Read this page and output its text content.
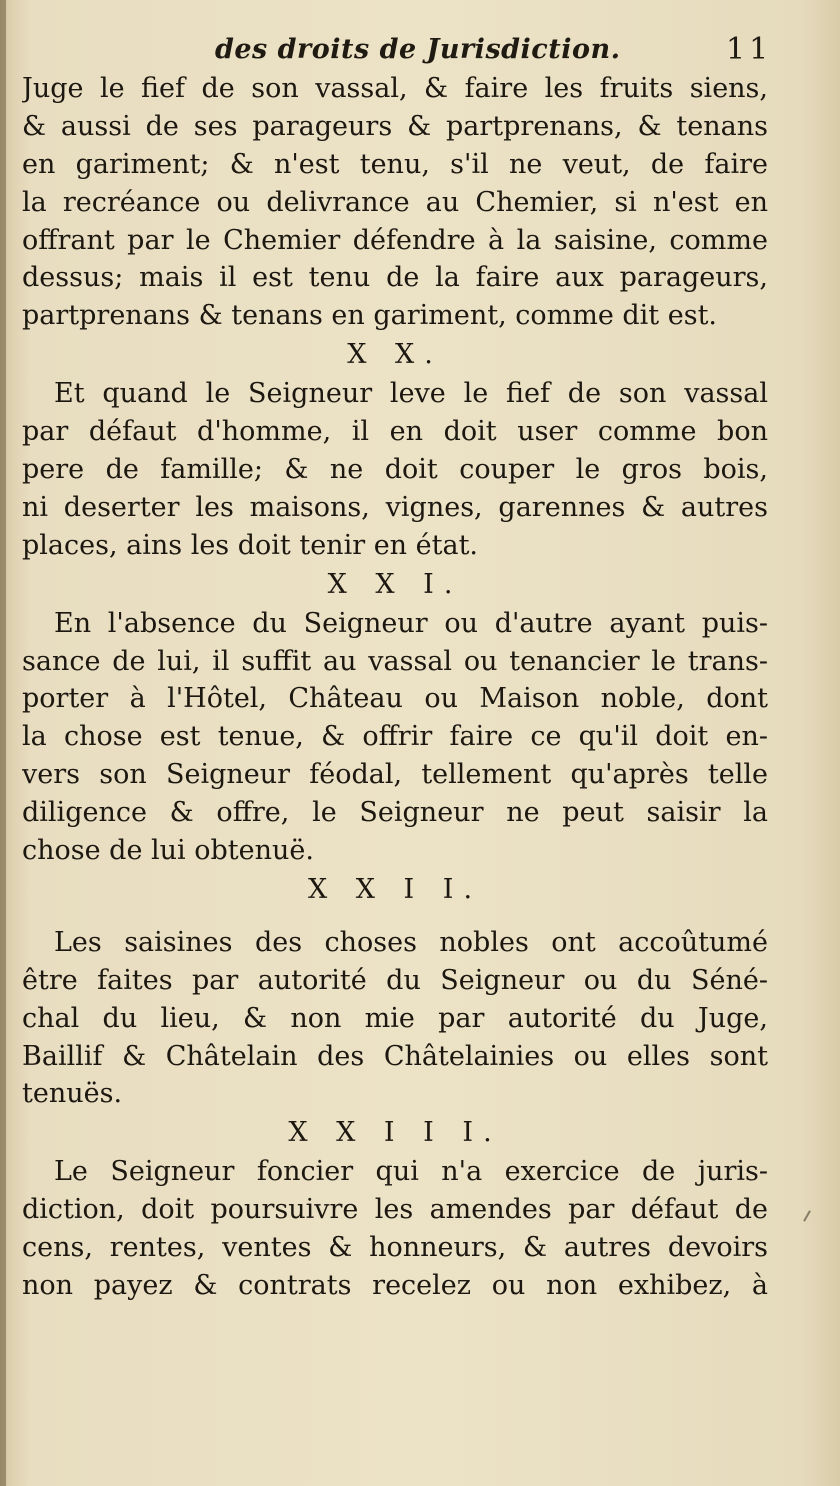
des droits de Jurisdiction.	11
Juge le fief de son vassal, & faire les fruits siens,
& aussi de ses parageurs & partprenans, & tenans
en gariment; & n'est tenu, s'il ne veut, de faire
la recréance ou delivrance au Chemier, si n'est en
offrant par le Chemier défendre à la saisine, comme
dessus; mais il est tenu de la faire aux parageurs,
partprenans & tenans en gariment, comme dit est.
X X.
Et quand le Seigneur leve le fief de son vassal
par défaut d'homme, il en doit user comme bon
pere de famille; & ne doit couper le gros bois,
ni deserter les maisons, vignes, garennes & autres
places, ains les doit tenir en état.
X X I.
En l'absence du Seigneur ou d'autre ayant puis-
sance de lui, il suffit au vassal ou tenancier le trans-
porter à l'Hôtel, Château ou Maison noble, dont
la chose est tenue, & offrir faire ce qu'il doit en-
vers son Seigneur féodal, tellement qu'après telle
diligence & offre, le Seigneur ne peut saisir la
chose de lui obtenuë.
X X I I.
Les saisines des choses nobles ont accoûtumé
être faites par autorité du Seigneur ou du Séné-
chal du lieu, & non mie par autorité du Juge,
Baillif & Châtelain des Châtelainies ou elles sont
tenuës.
X X I I I.
Le Seigneur foncier qui n'a exercice de juris-
diction, doit poursuivre les amendes par défaut de
cens, rentes, ventes & honneurs, & autres devoirs
non payez & contrats recelez ou non exhibez, à
